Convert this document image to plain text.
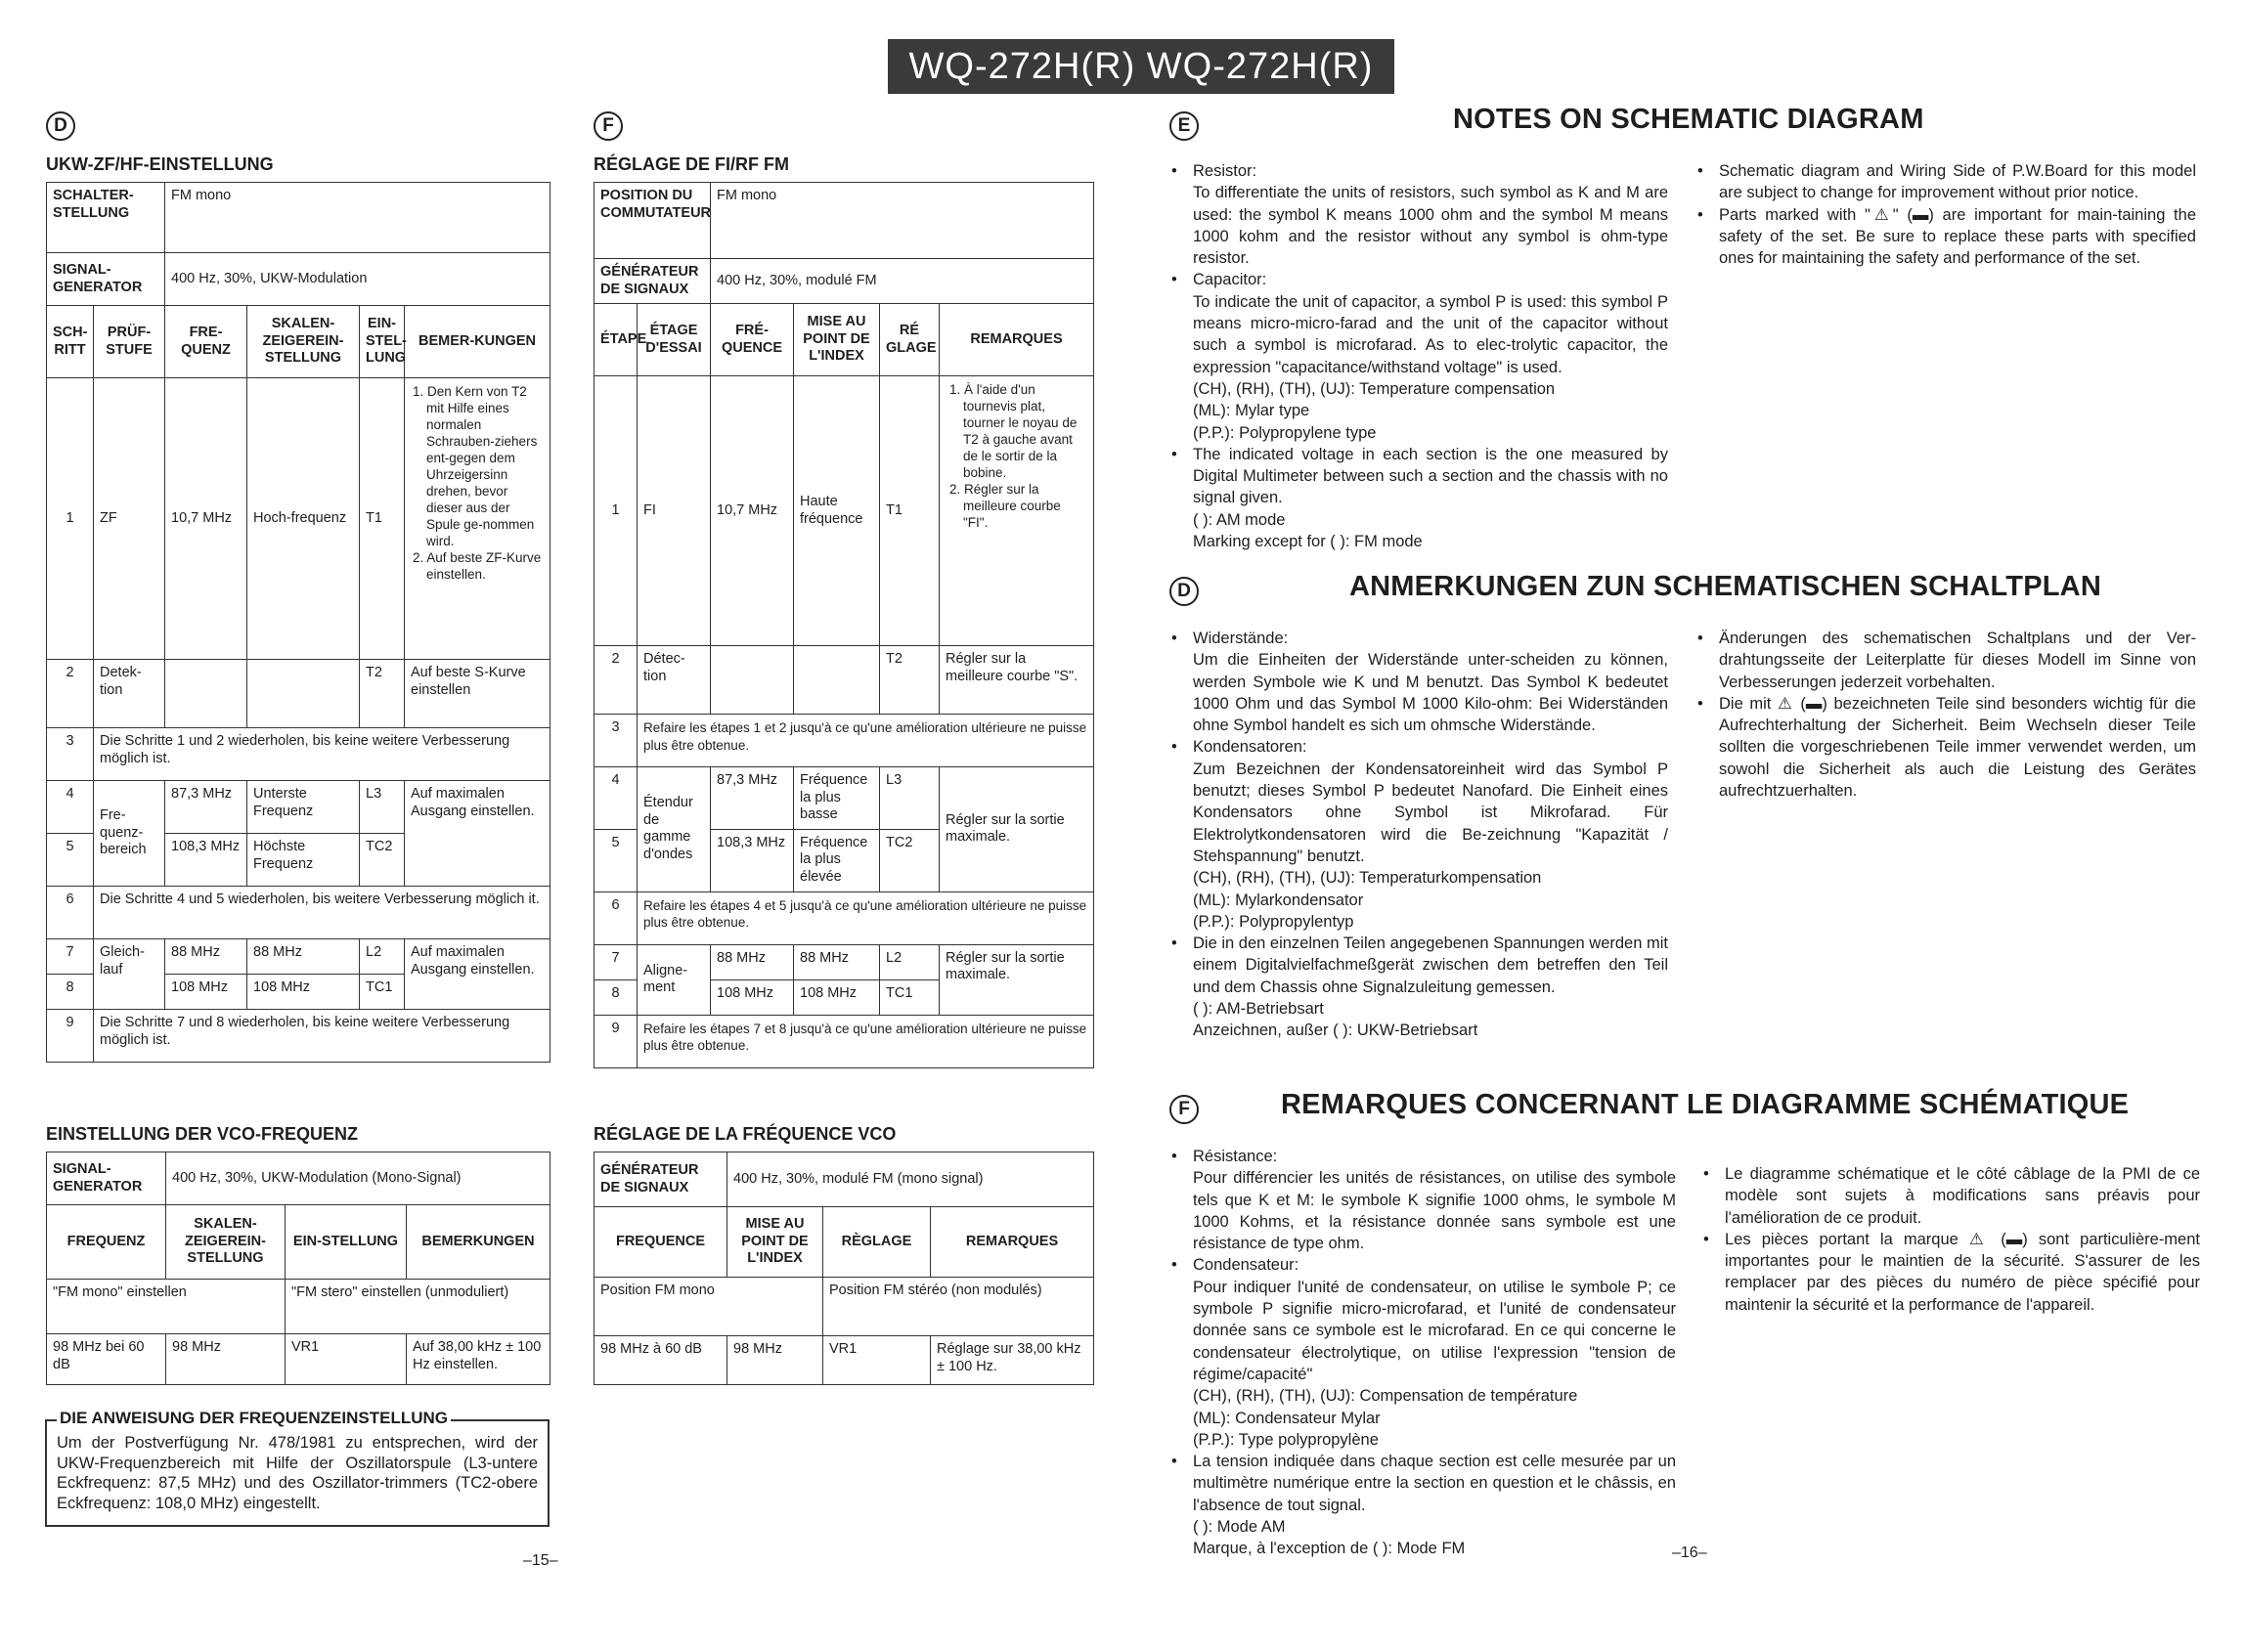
WQ-272H(R) WQ-272H(R)
D
UKW-ZF/HF-EINSTELLUNG
SCHALTER-STELLUNG		FM mono			
SIGNAL-GENERATOR		400 Hz, 30%, UKW-Modulation			
SCH-RITT	PRÜF-STUFE	FRE-QUENZ	SKALEN-ZEIGEREIN-STELLUNG	EIN-STEL-LUNG	BEMER-KUNGEN
1	ZF	10,7 MHz	Hoch-frequenz	T1	1. Den Kern von T2 mit Hilfe eines normalen Schrauben-ziehers ent-gegen dem Uhrzeigersinn drehen, bevor dieser aus der Spule ge-nommen wird.
2. Auf beste ZF-Kurve einstellen.

2	Detek-tion			T2	Auf beste S-Kurve einstellen
3	Die Schritte 1 und 2 wiederholen, bis keine weitere Verbesserung möglich ist.				
4	Fre-quenz-bereich	87,3 MHz	Unterste Frequenz	L3	Auf maximalen Ausgang einstellen.
5		108,3 MHz	Höchste Frequenz	TC2	
6	Die Schritte 4 und 5 wiederholen, bis weitere Verbesserung möglich it.				
7	Gleich-lauf	88 MHz	88 MHz	L2	Auf maximalen Ausgang einstellen.
8		108 MHz	108 MHz	TC1	
9	Die Schritte 7 und 8 wiederholen, bis keine weitere Verbesserung möglich ist.				
F
RÉGLAGE DE FI/RF FM
POSITION DU COMMUTATEUR		FM mono			
GÉNÉRATEUR DE SIGNAUX		400 Hz, 30%, modulé FM			
ÉTAPE	ÉTAGE D'ESSAI	FRÉ-QUENCE	MISE AU POINT DE L'INDEX	RÉ GLAGE	REMARQUES
1	FI	10,7 MHz	Haute fréquence	T1	1. À l'aide d'un tournevis plat, tourner le noyau de T2 à gauche avant de le sortir de la bobine.
2. Régler sur la meilleure courbe "FI".

2	Détec-tion			T2	Régler sur la meilleure courbe "S".
3	Refaire les étapes 1 et 2 jusqu'à ce qu'une amélioration ultérieure ne puisse plus être obtenue.				
4	Étendur de gamme d'ondes	87,3 MHz	Fréquence la plus basse	L3	Régler sur la sortie maximale.
5		108,3 MHz	Fréquence la plus élevée	TC2	
6	Refaire les étapes 4 et 5 jusqu'à ce qu'une amélioration ultérieure ne puisse plus être obtenue.				
7	Aligne-ment	88 MHz	88 MHz	L2	Régler sur la sortie maximale.
8		108 MHz	108 MHz	TC1	
9	Refaire les étapes 7 et 8 jusqu'à ce qu'une amélioration ultérieure ne puisse plus être obtenue.				
EINSTELLUNG DER VCO-FREQUENZ
SIGNAL-GENERATOR	400 Hz, 30%, UKW-Modulation (Mono-Signal)		
FREQUENZ	SKALEN-ZEIGEREIN-STELLUNG	EIN-STELLUNG	BEMERKUNGEN
"FM mono" einstellen		"FM stero" einstellen (unmoduliert)	
98 MHz bei 60 dB	98 MHz	VR1	Auf 38,00 kHz ± 100 Hz einstellen.
RÉGLAGE DE LA FRÉQUENCE VCO
GÉNÉRATEUR DE SIGNAUX	400 Hz, 30%, modulé FM (mono signal)		
FREQUENCE	MISE AU POINT DE L'INDEX	RÈGLAGE	REMARQUES
Position FM mono		Position FM stéréo (non modulés)	
98 MHz à 60 dB	98 MHz	VR1	Réglage sur 38,00 kHz ± 100 Hz.
DIE ANWEISUNG DER FREQUENZEINSTELLUNG
Um der Postverfügung Nr. 478/1981 zu entsprechen, wird der UKW-Frequenzbereich mit Hilfe der Oszillatorspule (L3-untere Eckfrequenz: 87,5 MHz) und des Oszillator-trimmers (TC2-obere Eckfrequenz: 108,0 MHz) eingestellt.
–15–	–16–
E	NOTES ON SCHEMATIC DIAGRAM

• Resistor:

To differentiate the units of resistors, such symbol as K and M are used: the symbol K means 1000 ohm and the symbol M means 1000 kohm and the resistor without any symbol is ohm-type resistor.

• Capacitor:

To indicate the unit of capacitor, a symbol P is used: this symbol P means micro-micro-farad and the unit of the capacitor without such a symbol is microfarad. As to elec-trolytic capacitor, the expression "capacitance/withstand voltage" is used.

(CH), (RH), (TH), (UJ): Temperature compensation

(ML): Mylar type

(P.P.): Polypropylene type

• The indicated voltage in each section is the one measured by Digital Multimeter between such a section and the chassis with no signal given.

( ): AM mode

Marking except for ( ): FM mode

• Schematic diagram and Wiring Side of P.W.Board for this model are subject to change for improvement without prior notice.

• Parts marked with "⚠" (▬) are important for main-taining the safety of the set. Be sure to replace these parts with specified ones for maintaining the safety and performance of the set.

D	ANMERKUNGEN ZUN SCHEMATISCHEN SCHALTPLAN

• Widerstände:

Um die Einheiten der Widerstände unter-scheiden zu können, werden Symbole wie K und M benutzt. Das Symbol K bedeutet 1000 Ohm und das Symbol M 1000 Kilo-ohm: Bei Widerständen ohne Symbol handelt es sich um ohmsche Widerstände.

• Kondensatoren:

Zum Bezeichnen der Kondensatoreinheit wird das Symbol P benutzt; dieses Symbol P bedeutet Nanofard. Die Einheit eines Kondensators ohne Symbol ist Mikrofarad. Für Elektrolytkondensatoren wird die Be-zeichnung "Kapazität / Stehspannung" benutzt.

(CH), (RH), (TH), (UJ): Temperaturkompensation

(ML): Mylarkondensator

(P.P.): Polypropylentyp

• Die in den einzelnen Teilen angegebenen Spannungen werden mit einem Digitalvielfachmeßgerät zwischen dem betreffen den Teil und dem Chassis ohne Signalzuleitung gemessen.

( ): AM-Betriebsart

Anzeichnen, außer ( ): UKW-Betriebsart

• Änderungen des schematischen Schaltplans und der Ver-drahtungsseite der Leiterplatte für dieses Modell im Sinne von Verbesserungen jederzeit vorbehalten.

• Die mit ⚠ (▬) bezeichneten Teile sind besonders wichtig für die Aufrechterhaltung der Sicherheit. Beim Wechseln dieser Teile sollten die vorgeschriebenen Teile immer verwendet werden, um sowohl die Sicherheit als auch die Leistung des Gerätes aufrechtzuerhalten.

F	REMARQUES CONCERNANT LE DIAGRAMME SCHÉMATIQUE

• Résistance:

Pour différencier les unités de résistances, on utilise des symbole tels que K et M: le symbole K signifie 1000 ohms, le symbole M 1000 Kohms, et la résistance donnée sans symbole est une résistance de type ohm.

• Condensateur:

Pour indiquer l'unité de condensateur, on utilise le symbole P; ce symbole P signifie micro-microfarad, et l'unité de condensateur donnée sans ce symbole est le microfarad. En ce qui concerne le condensateur électrolytique, on utilise l'expression "tension de régime/capacité"

(CH), (RH), (TH), (UJ): Compensation de température

(ML): Condensateur Mylar

(P.P.): Type polypropylène

• La tension indiquée dans chaque section est celle mesurée par un multimètre numérique entre la section en question et le châssis, en l'absence de tout signal.

( ): Mode AM

Marque, à l'exception de ( ): Mode FM

• Le diagramme schématique et le côté câblage de la PMI de ce modèle sont sujets à modifications sans préavis pour l'amélioration de ce produit.

• Les pièces portant la marque ⚠ (▬) sont particulière-ment importantes pour le maintien de la sécurité. S'assurer de les remplacer par des pièces du numéro de pièce spécifié pour maintenir la sécurité et la performance de l'appareil.
